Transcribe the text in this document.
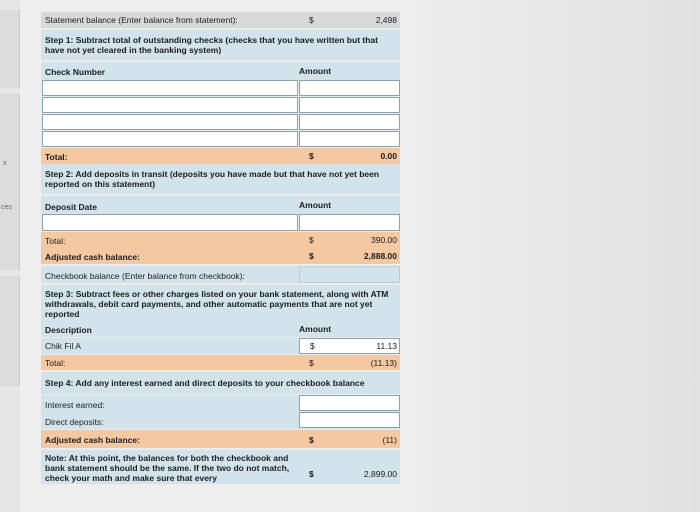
x
ces
Statement balance (Enter balance from statement):	$	2,498
Step 1: Subtract total of outstanding checks (checks that you have written but that have not yet cleared in the banking system)
Check Number	Amount
Total:	$	0.00
Step 2: Add deposits in transit (deposits you have made but that have not yet been reported on this statement)
Deposit Date	Amount
Total:	$	390.00
Adjusted cash balance:	$	2,888.00
Checkbook balance (Enter balance from checkbook):
Step 3: Subtract fees or other charges listed on your bank statement, along with ATM withdrawals, debit card payments, and other automatic payments that are not yet reported
Description	Amount
Chik Fil A	$	11.13
Total:	$	(11.13)
Step 4: Add any interest earned and direct deposits to your checkbook balance
Interest earned:
Direct deposits:
Adjusted cash balance:	$	(11)
Note: At this point, the balances for both the checkbook and bank statement should be the same. If the two do not match, check your math and make sure that every	$	2,899.00
